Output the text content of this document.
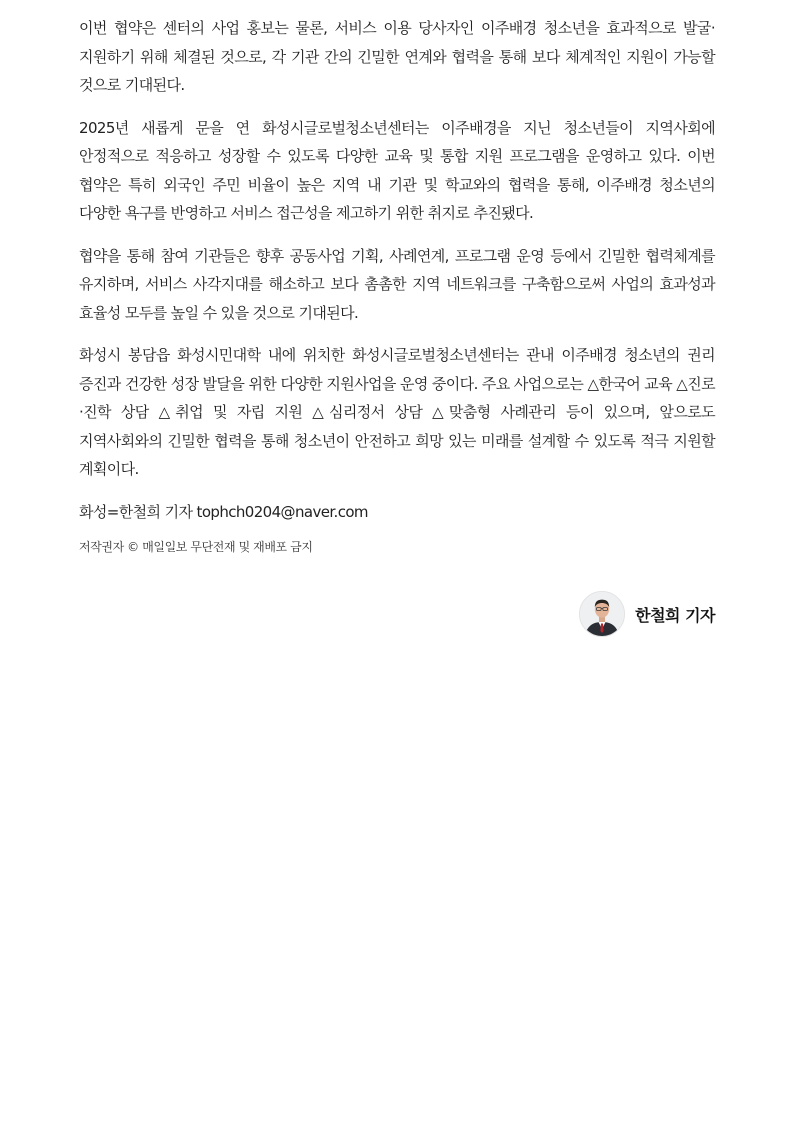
이번 협약은 센터의 사업 홍보는 물론, 서비스 이용 당사자인 이주배경 청소년을 효과적으로 발굴·지원하기 위해 체결된 것으로, 각 기관 간의 긴밀한 연계와 협력을 통해 보다 체계적인 지원이 가능할 것으로 기대된다.

2025년 새롭게 문을 연 화성시글로벌청소년센터는 이주배경을 지닌 청소년들이 지역사회에 안정적으로 적응하고 성장할 수 있도록 다양한 교육 및 통합 지원 프로그램을 운영하고 있다. 이번 협약은 특히 외국인 주민 비율이 높은 지역 내 기관 및 학교와의 협력을 통해, 이주배경 청소년의 다양한 욕구를 반영하고 서비스 접근성을 제고하기 위한 취지로 추진됐다.

협약을 통해 참여 기관들은 향후 공동사업 기획, 사례연계, 프로그램 운영 등에서 긴밀한 협력체계를 유지하며, 서비스 사각지대를 해소하고 보다 촘촘한 지역 네트워크를 구축함으로써 사업의 효과성과 효율성 모두를 높일 수 있을 것으로 기대된다.

화성시 봉담읍 화성시민대학 내에 위치한 화성시글로벌청소년센터는 관내 이주배경 청소년의 권리 증진과 건강한 성장 발달을 위한 다양한 지원사업을 운영 중이다. 주요 사업으로는 △한국어 교육 △진로·진학 상담 △취업 및 자립 지원 △심리정서 상담 △맞춤형 사례관리 등이 있으며, 앞으로도 지역사회와의 긴밀한 협력을 통해 청소년이 안전하고 희망 있는 미래를 설계할 수 있도록 적극 지원할 계획이다.

화성=한철희 기자 tophch0204@naver.com

저작권자 © 매일일보 무단전재 및 재배포 금지

한철희 기자
